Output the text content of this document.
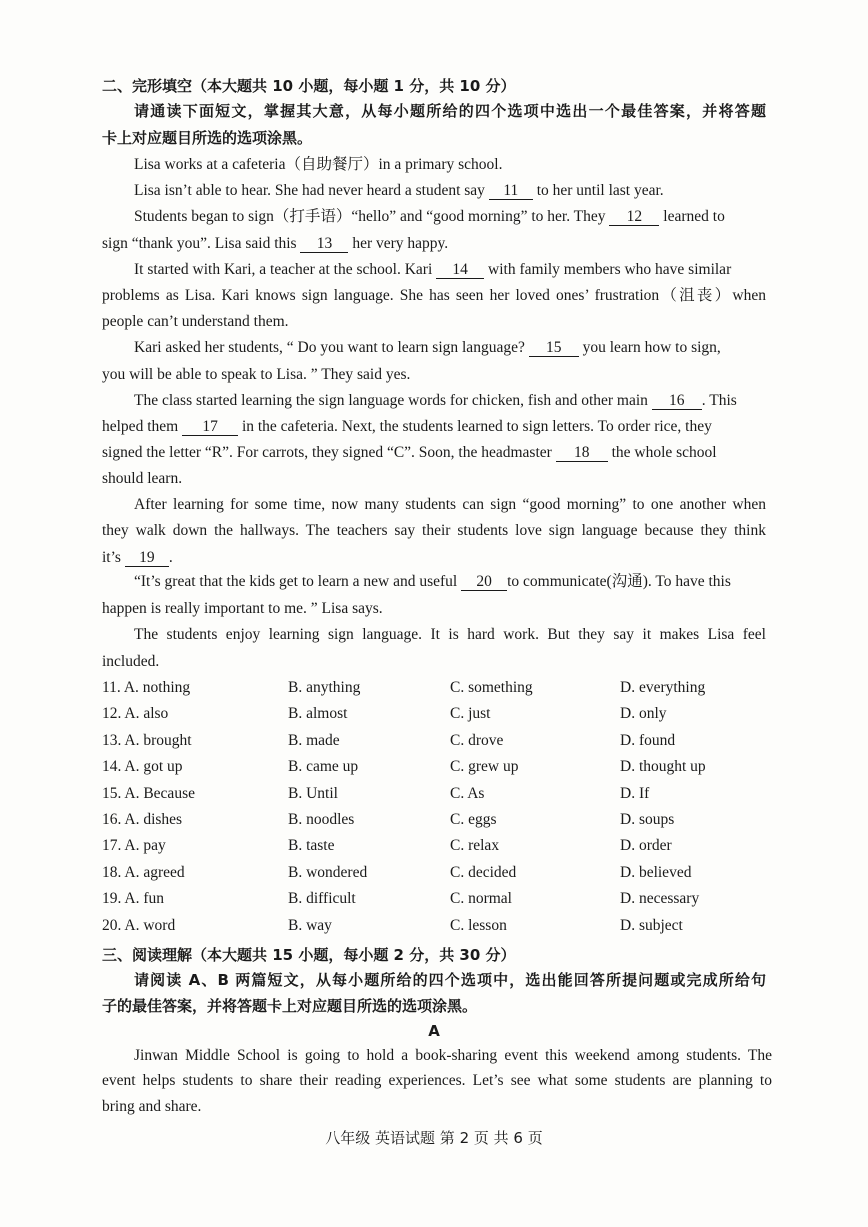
二、完形填空（本大题共 10 小题，每小题 1 分，共 10 分）
请通读下面短文，掌握其大意，从每小题所给的四个选项中选出一个最佳答案，并将答题
卡上对应题目所选的选项涂黑。
Lisa works at a cafeteria（自助餐厅）in a primary school.
Lisa isn’t able to hear. She had never heard a student say 11 to her until last year.
Students began to sign（打手语）“hello” and “good morning” to her. They 12 learned to
sign “thank you”. Lisa said this 13 her very happy.
It started with Kari, a teacher at the school. Kari 14 with family members who have similar
problems as Lisa. Kari knows sign language. She has seen her loved ones’ frustration（沮丧）when
people can’t understand them.
Kari asked her students, “ Do you want to learn sign language? 15 you learn how to sign,
you will be able to speak to Lisa. ” They said yes.
The class started learning the sign language words for chicken, fish and other main 16 . This
helped them 17 in the cafeteria. Next, the students learned to sign letters. To order rice, they
signed the letter “R”. For carrots, they signed “C”. Soon, the headmaster 18 the whole school
should learn.
After learning for some time, now many students can sign “good morning” to one another when
they walk down the hallways. The teachers say their students love sign language because they think
it’s 19 .
“It’s great that the kids get to learn a new and useful 20 to communicate(沟通). To have this
happen is really important to me. ” Lisa says.
The students enjoy learning sign language. It is hard work. But they say it makes Lisa feel
included.
11. A. nothing	B. anything	C. something	D. everything
12. A. also	B. almost	C. just	D. only
13. A. brought	B. made	C. drove	D. found
14. A. got up	B. came up	C. grew up	D. thought up
15. A. Because	B. Until	C. As	D. If
16. A. dishes	B. noodles	C. eggs	D. soups
17. A. pay	B. taste	C. relax	D. order
18. A. agreed	B. wondered	C. decided	D. believed
19. A. fun	B. difficult	C. normal	D. necessary
20. A. word	B. way	C. lesson	D. subject
三、阅读理解（本大题共 15 小题，每小题 2 分，共 30 分）
请阅读 A、B 两篇短文，从每小题所给的四个选项中，选出能回答所提问题或完成所给句
子的最佳答案，并将答题卡上对应题目所选的选项涂黑。
A
Jinwan Middle School is going to hold a book-sharing event this weekend among students. The
event helps students to share their reading experiences. Let’s see what some students are planning to
bring and share.
八年级 英语试题 第 2 页 共 6 页
